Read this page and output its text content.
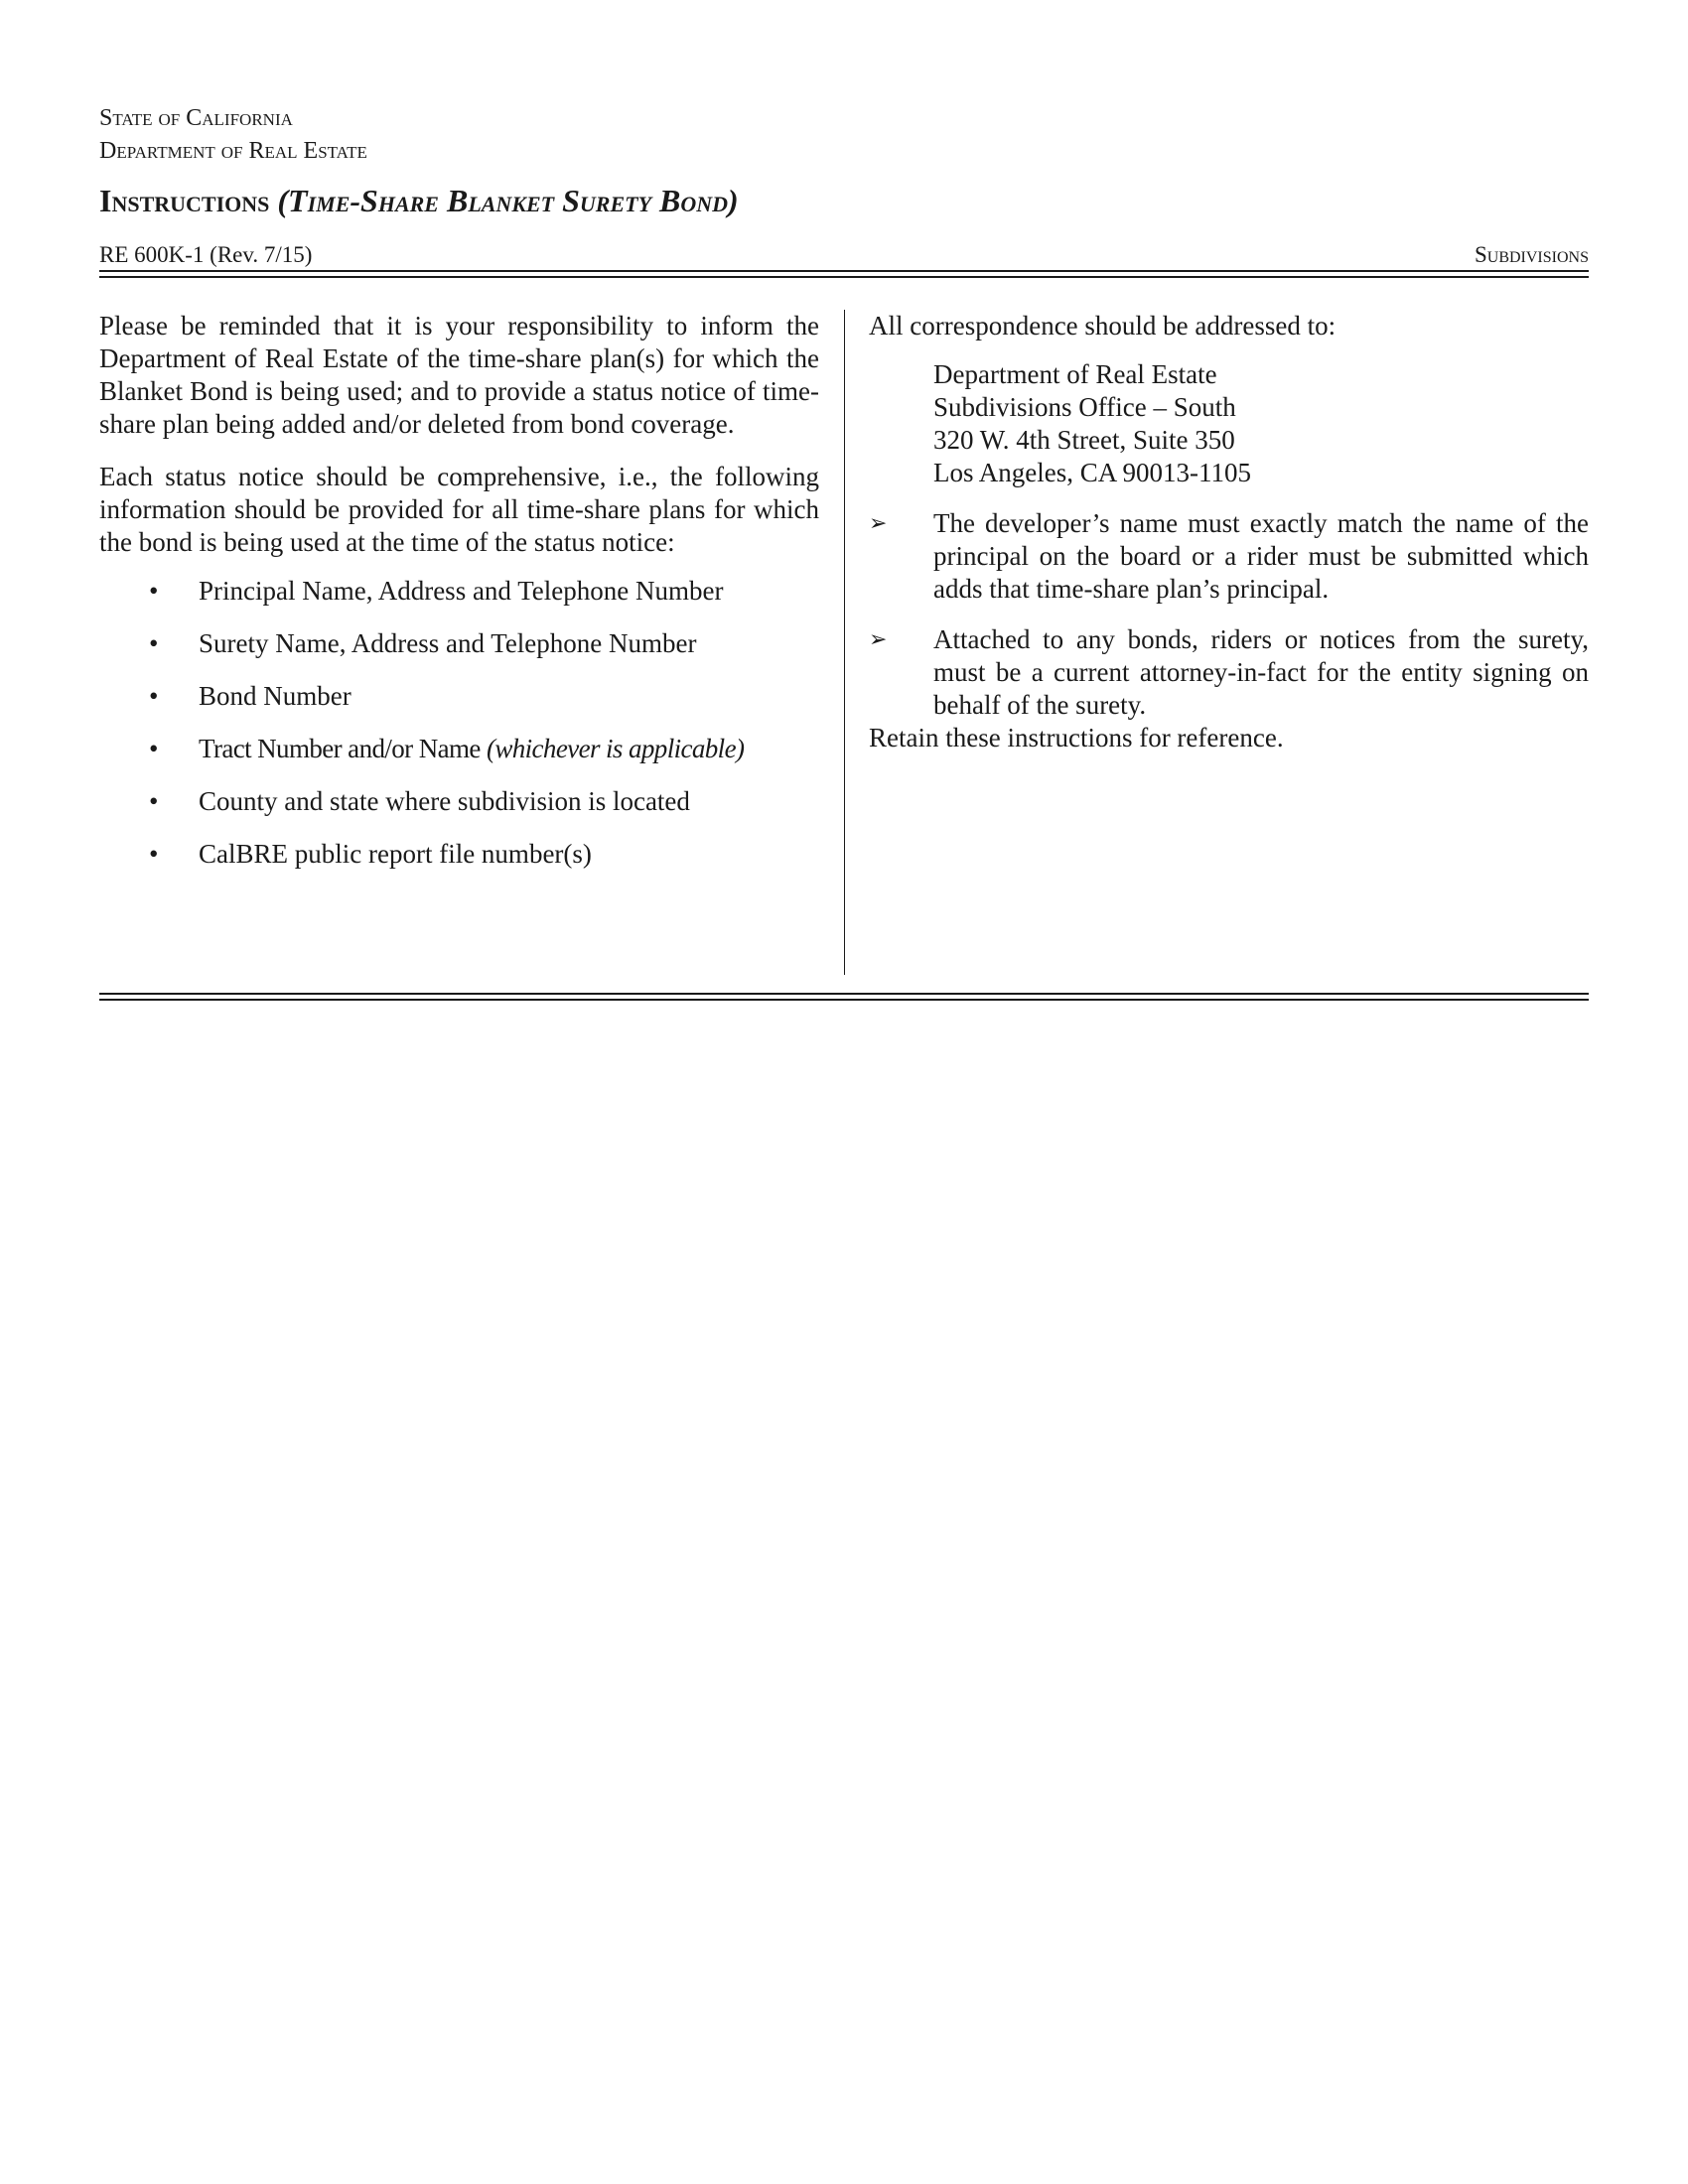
State of California
Department of Real Estate
Instructions (Time-Share Blanket Surety Bond)
RE 600K-1 (Rev. 7/15)	Subdivisions

Please be reminded that it is your responsibility to inform the Department of Real Estate of the time-share plan(s) for which the Blanket Bond is being used; and to provide a status notice of time-share plan being added and/or deleted from bond coverage.

Each status notice should be comprehensive, i.e., the following information should be provided for all time-share plans for which the bond is being used at the time of the status notice:

• Principal Name, Address and Telephone Number
• Surety Name, Address and Telephone Number
• Bond Number
• Tract Number and/or Name (whichever is applicable)
• County and state where subdivision is located
• CalBRE public report file number(s)

All correspondence should be addressed to:

Department of Real Estate
Subdivisions Office – South
320 W. 4th Street, Suite 350
Los Angeles, CA 90013-1105
➢ The developer’s name must exactly match the name of the principal on the board or a rider must be submitted which adds that time-share plan’s principal.

➢ Attached to any bonds, riders or notices from the surety, must be a current attorney-in-fact for the entity signing on behalf of the surety.

Retain these instructions for reference.
